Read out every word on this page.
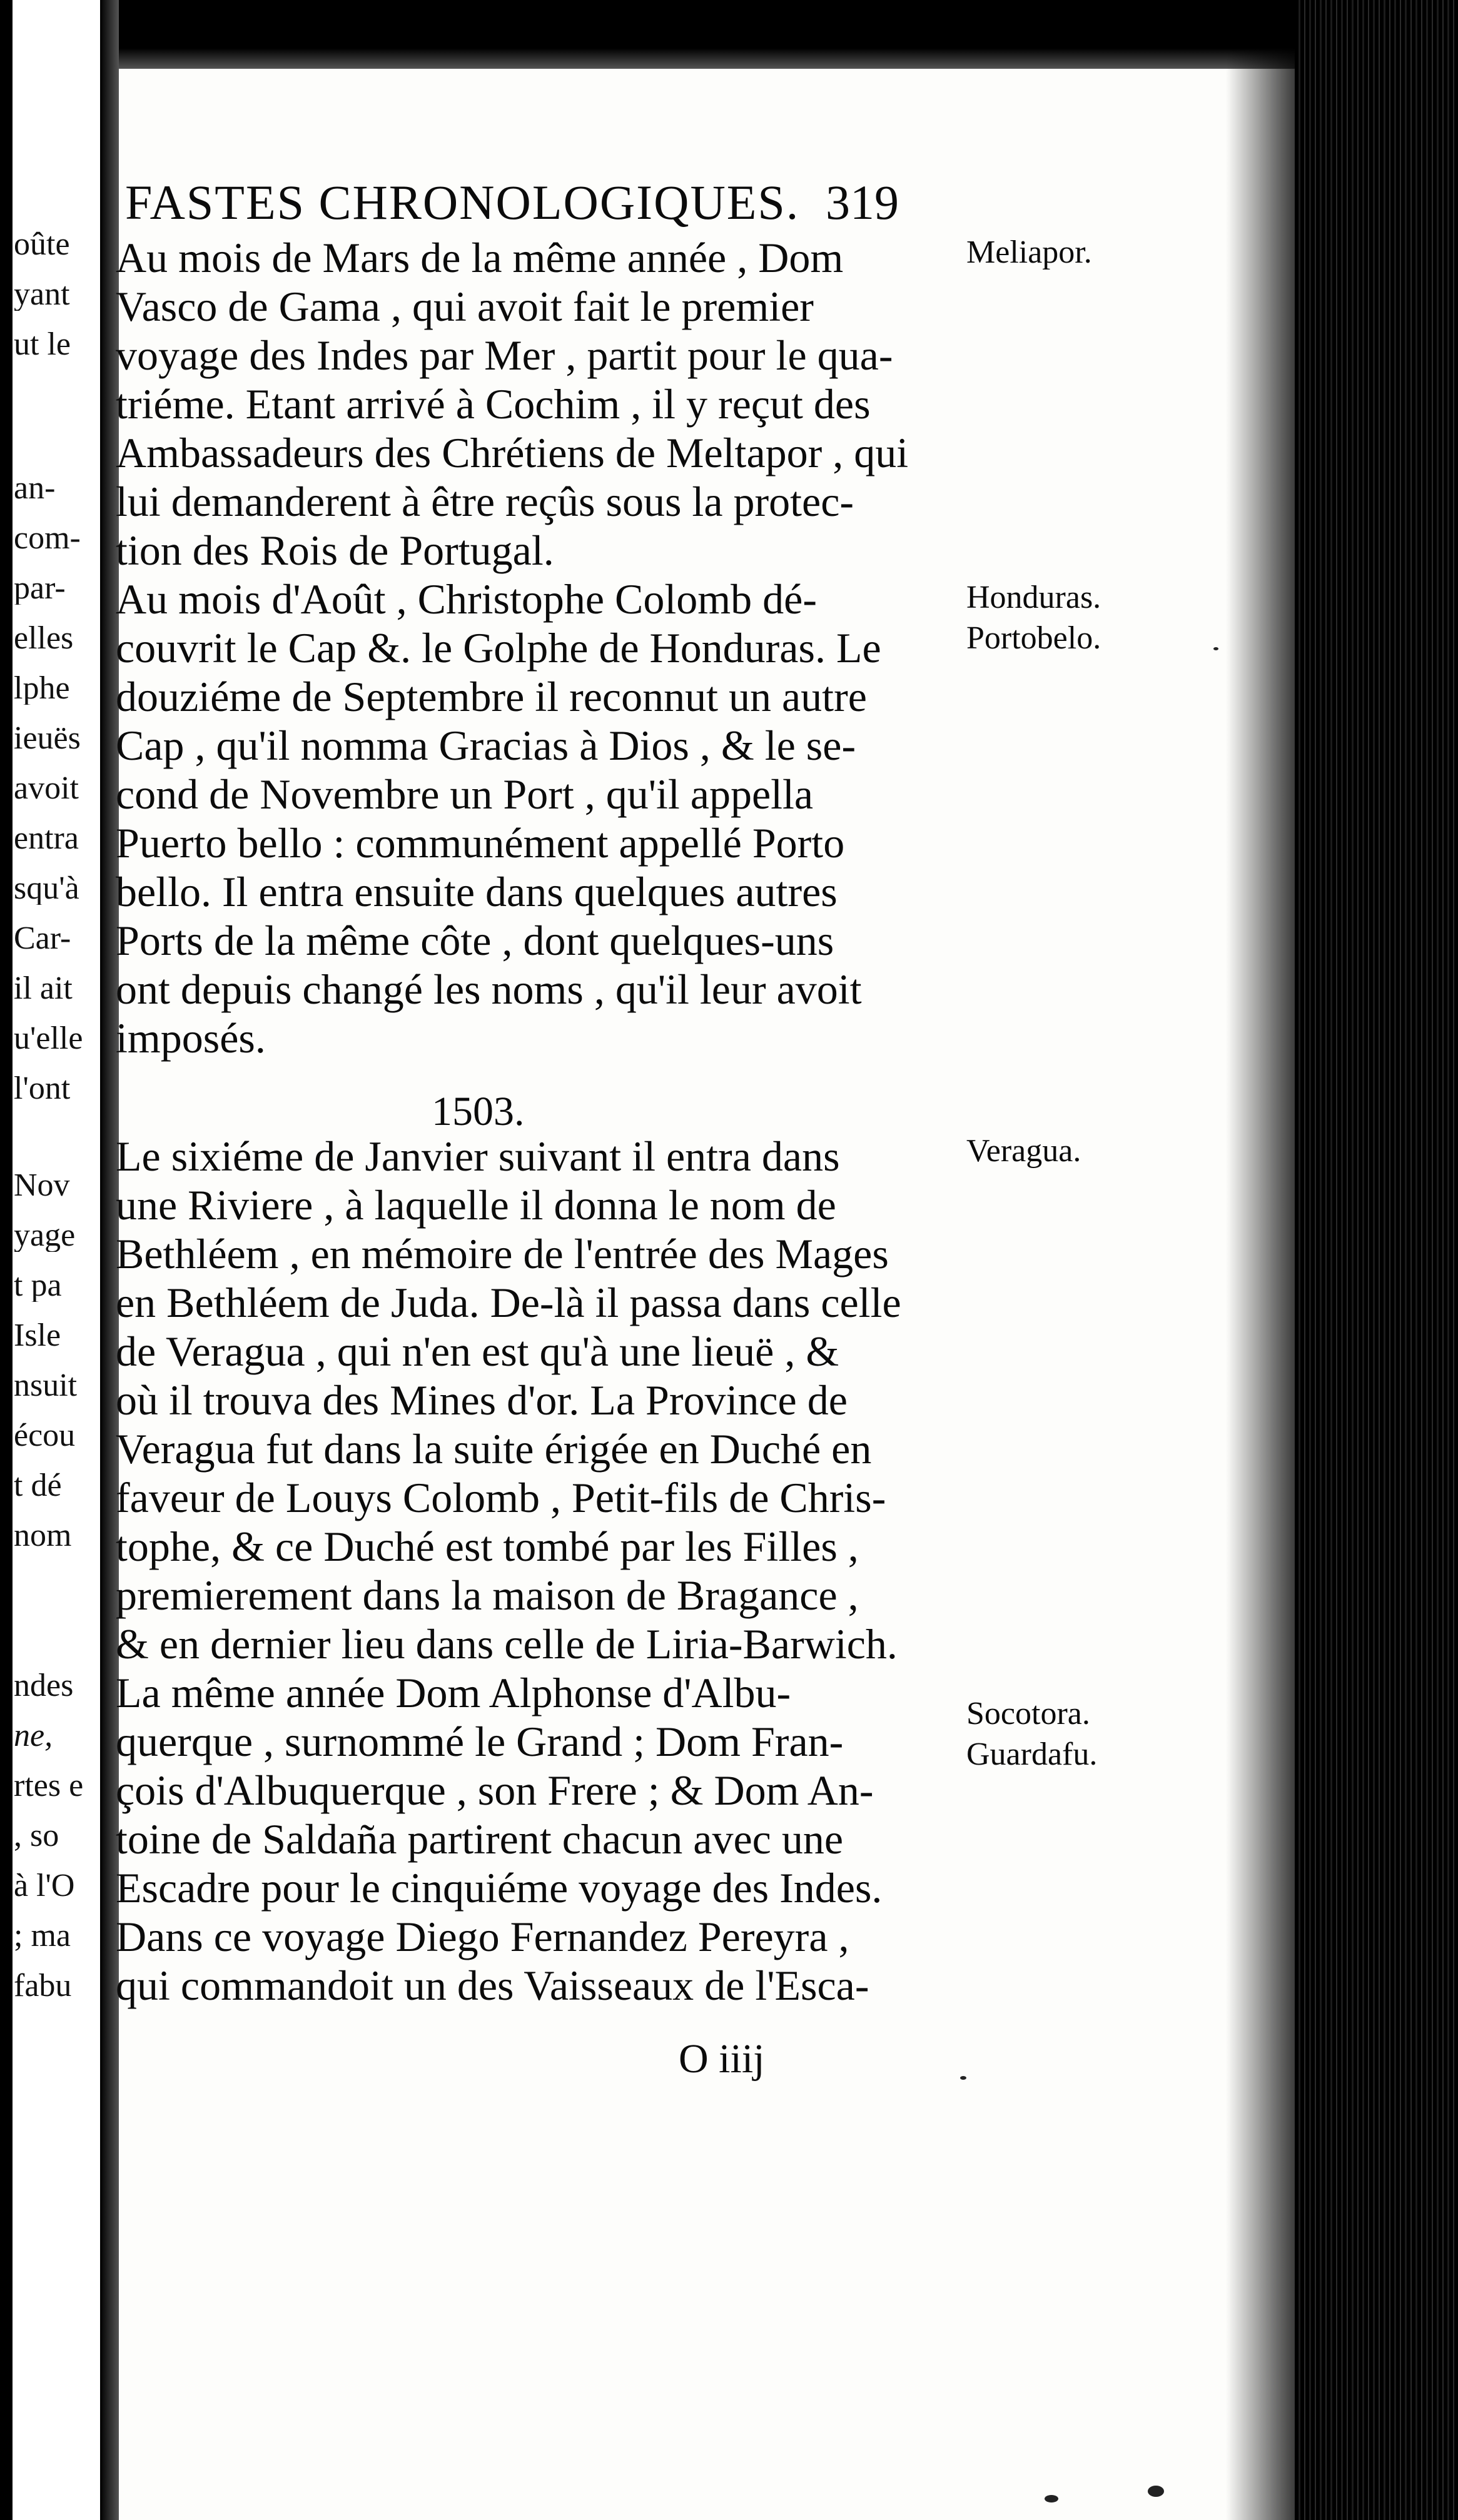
oûte
yant
ut le
an-
com-
par-
elles
lphe
ieuës
avoit
entra
squ'à
Car-
il ait
u'elle
l'ont
Nov
yage
t pa
Isle
nsuit
écou
t dé
nom
ndes
ne,
rtes e
, so
à l'O
; ma
fabu
FASTES CHRONOLOGIQUES. 319
Au mois de Mars de la même année , Dom
Vasco de Gama , qui avoit fait le premier
voyage des Indes par Mer , partit pour le qua-
triéme. Etant arrivé à Cochim , il y reçut des
Ambassadeurs des Chrétiens de Meltapor , qui
lui demanderent à être reçûs sous la protec-
tion des Rois de Portugal.
Au mois d'Août , Christophe Colomb dé-
couvrit le Cap &. le Golphe de Honduras. Le
douziéme de Septembre il reconnut un autre
Cap , qu'il nomma Gracias à Dios , & le se-
cond de Novembre un Port , qu'il appella
Puerto bello : communément appellé Porto
bello. Il entra ensuite dans quelques autres
Ports de la même côte , dont quelques-uns
ont depuis changé les noms , qu'il leur avoit
imposés.
1503.
Le sixiéme de Janvier suivant il entra dans
une Riviere , à laquelle il donna le nom de
Bethléem , en mémoire de l'entrée des Mages
en Bethléem de Juda. De-là il passa dans celle
de Veragua , qui n'en est qu'à une lieuë , &
où il trouva des Mines d'or. La Province de
Veragua fut dans la suite érigée en Duché en
faveur de Louys Colomb , Petit-fils de Chris-
tophe, & ce Duché est tombé par les Filles ,
premierement dans la maison de Bragance ,
& en dernier lieu dans celle de Liria-Barwich.
La même année Dom Alphonse d'Albu-
querque , surnommé le Grand ; Dom Fran-
çois d'Albuquerque , son Frere ; & Dom An-
toine de Saldaña partirent chacun avec une
Escadre pour le cinquiéme voyage des Indes.
Dans ce voyage Diego Fernandez Pereyra ,
qui commandoit un des Vaisseaux de l'Esca-
O iiij
Meliapor.
Honduras.
Portobelo.
Veragua.
Socotora.
Guardafu.
